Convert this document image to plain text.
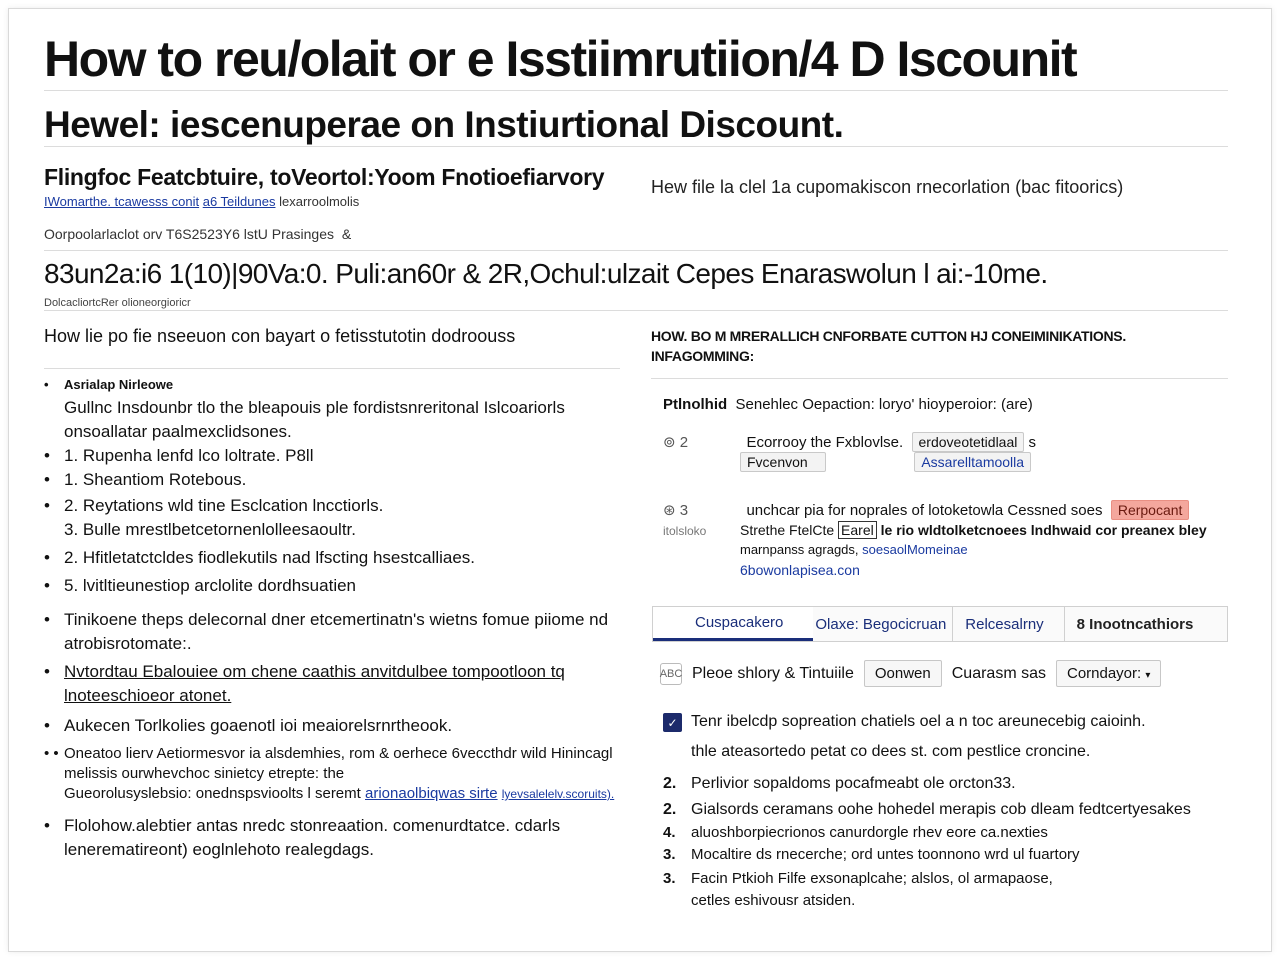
How to reu/olait or e Isstiimrutiion/4 D Iscounit
Hewel: iescenuperae on Instiurtional Discount.
Flingfoc Featcbtuire, toVeortol:Yoom Fnotioefiarvory	Hew file la clel 1a cupomakiscon rnecorlation (bac fitoorics)
IWomarthe. tcawesss conit a6 Teildunes lexarroolmolis
Oorpoolarlaclot orv T6S2523Y6 lstU Prasinges &
83un2a:i6 1(10)|90Va:0. Puli:an60r & 2R,Ochul:ulzait Cepes Enaraswolun l ai:-10me.
DolcacliortcRer olioneorgioricr
How lie po fie nseeuon con bayart o fetisstutotin dodroouss
• Asrialap Nirleowe
Gullnc Insdounbr tlo the bleapouis ple fordistsnreritonal Islcoariorls onsoallatar paalmexclidsones.
• 1. Rupenha lenfd lco loltrate. P8ll
• 1. Sheantiom Rotebous.
• 2. Reytations wld tine Esclcation lncctiorls.
3. Bulle mrestlbetcetornenlolleesaoultr.
• 2. Hfitletatctcldes fiodlekutils nad lfscting hsestcalliaes.
• 5. lvitltieunestiop arclolite dordhsuatien
• Tinikoene theps delecornal dner etcemertinatn's wietns fomue piiome nd atrobisrotomate:.
• Nvtordtau Ebalouiee om chene caathis anvitdulbee tompootloon tq lnoteeschioeor atonet.
• Aukecen Torlkolies goaenotl ioi meaiorelsrnrtheook.
• • Oneatoo lierv Aetiormesvor ia alsdemhies, rom & oerhece 6veccthdr wild Hinincagl melissis ourwhevchoc sinietcy etrepte: the
Gueorolusyslebsio: onednspsvioolts l seremt arionaolbiqwas sirte lyevsalelelv.scoruits).
• Flolohow.alebtier antas nredc stonreaation. comenurdtatce. cdarls lenerematireont) eoglnlehoto realegdags.
HOW. BO M MRERALLICH CNFORBATE CUTTON HJ CONEIMINIKATIONS. INFAGOMMING:
Ptlnolhid Senehlec Oepaction: loryo' hioyperoior: (are)
⊚ 2	Ecorrooy the Fxblovlse. erdoveotetidlaal s
Fvcenvon	Assarelltamoolla
⊛ 3	unchcar pia for noprales of lotoketowla Cessned soes Rerpocant
itolsloko Strethe FtelCte Earel le rio wldtolketcnoees lndhwaid cor preanex bley
marnpanss agragds, soesaolMomeinae
6bowonlapisea.con
Cuspacakero	Olaxe: Begocicruan	Relcesalrny	8 Inootncathiors
ABC Pleoe shlory & Tintuiile	Oonwen	Cuarasm sas	Corndayor: ▾
✓ Tenr ibelcdp sopreation chatiels oel a n toc areunecebig caioinh.
thle ateasortedo petat co dees st. com pestlice croncine.
2. Perlivior sopaldoms pocafmeabt ole orcton33.
2. Gialsords ceramans oohe hohedel merapis cob dleam fedtcertyesakes
4. aluoshborpiecrionos canurdorgle rhev eore ca.nexties
3. Mocaltire ds rnecerche; ord untes toonnono wrd ul fuartory
3. Facin Ptkioh Filfe exsonaplcahe; alslos, ol armapaose,
cetles eshivousr atsiden.
